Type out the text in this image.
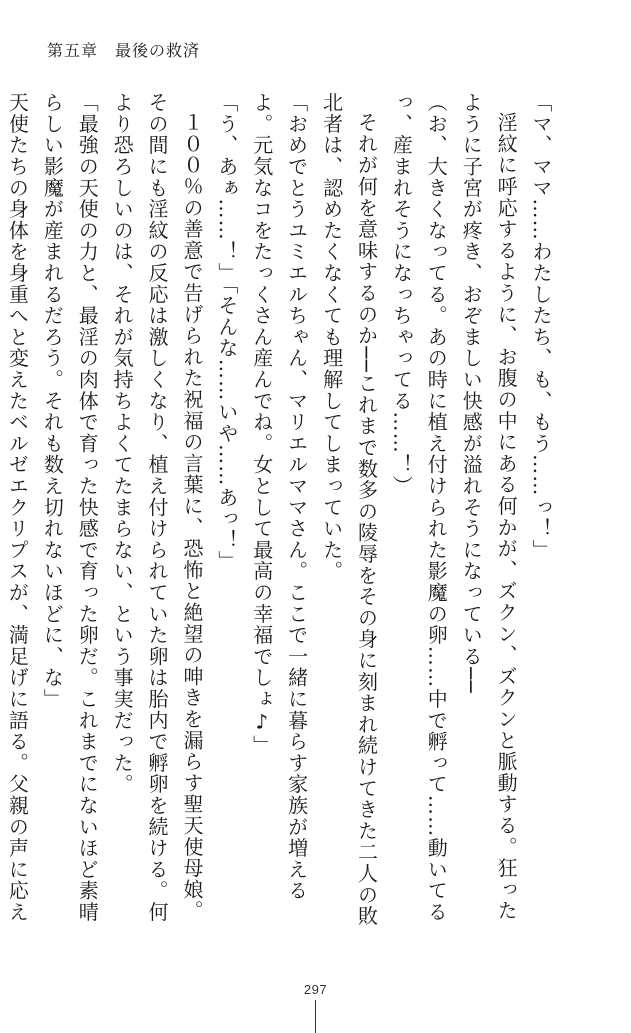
第五章　 最後の救済

「マ、ママ……わたしたち、も、もう……っ！」

淫紋に呼応するように、お腹の中にある何かが、ズクン、ズクンと脈動する。狂ったように子宮が疼き、おぞましい快感が溢れそうになっている──

（お、大きくなってる。あの時に植え付けられた影魔の卵……中で孵って……動いてるっ、産まれそうになっちゃってる……！）

それが何を意味するのか──これまで数多の陵辱をその身に刻まれ続けてきた二人の敗北者は、認めたくなくても理解してしまっていた。

「おめでとうユミエルちゃん、マリエルママさん。ここで一緒に暮らす家族が増えるよ。元気なコをたっくさん産んでね。女として最高の幸福でしょ♪」

「う、あぁ……！」「そんな……いや……あっ！」

１００％の善意で告げられた祝福の言葉に、恐怖と絶望の呻きを漏らす聖天使母娘。その間にも淫紋の反応は激しくなり、植え付けられていた卵は胎内で孵卵を続ける。何より恐ろしいのは、それが気持ちよくてたまらない、という事実だった。

「最強の天使の力と、最淫の肉体で育った快感で育った卵だ。これまでにないほど素晴らしい影魔が産まれるだろう。それも数え切れないほどに、な」

天使たちの身体を身重へと変えたベルゼエクリプスが、満足げに語る。父親の声に応え

297
